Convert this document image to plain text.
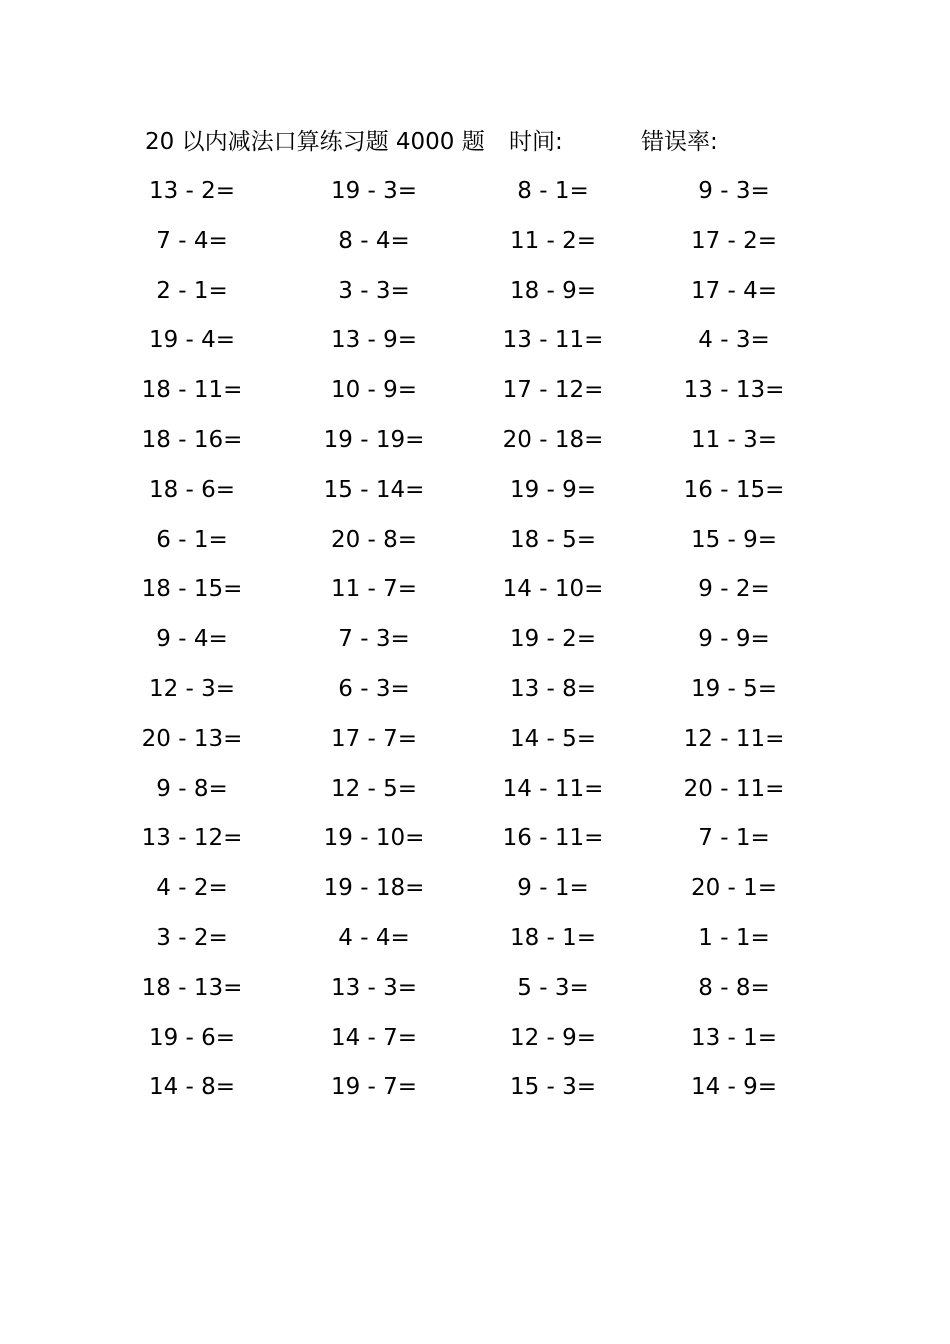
20 以内减法口算练习题 4000 题 时间:	错误率:
13 - 2=	19 - 3=	8 - 1=	9 - 3=
7 - 4=	8 - 4=	11 - 2=	17 - 2=
2 - 1=	3 - 3=	18 - 9=	17 - 4=
19 - 4=	13 - 9=	13 - 11=	4 - 3=
18 - 11=	10 - 9=	17 - 12=	13 - 13=
18 - 16=	19 - 19=	20 - 18=	11 - 3=
18 - 6=	15 - 14=	19 - 9=	16 - 15=
6 - 1=	20 - 8=	18 - 5=	15 - 9=
18 - 15=	11 - 7=	14 - 10=	9 - 2=
9 - 4=	7 - 3=	19 - 2=	9 - 9=
12 - 3=	6 - 3=	13 - 8=	19 - 5=
20 - 13=	17 - 7=	14 - 5=	12 - 11=
9 - 8=	12 - 5=	14 - 11=	20 - 11=
13 - 12=	19 - 10=	16 - 11=	7 - 1=
4 - 2=	19 - 18=	9 - 1=	20 - 1=
3 - 2=	4 - 4=	18 - 1=	1 - 1=
18 - 13=	13 - 3=	5 - 3=	8 - 8=
19 - 6=	14 - 7=	12 - 9=	13 - 1=
14 - 8=	19 - 7=	15 - 3=	14 - 9=
